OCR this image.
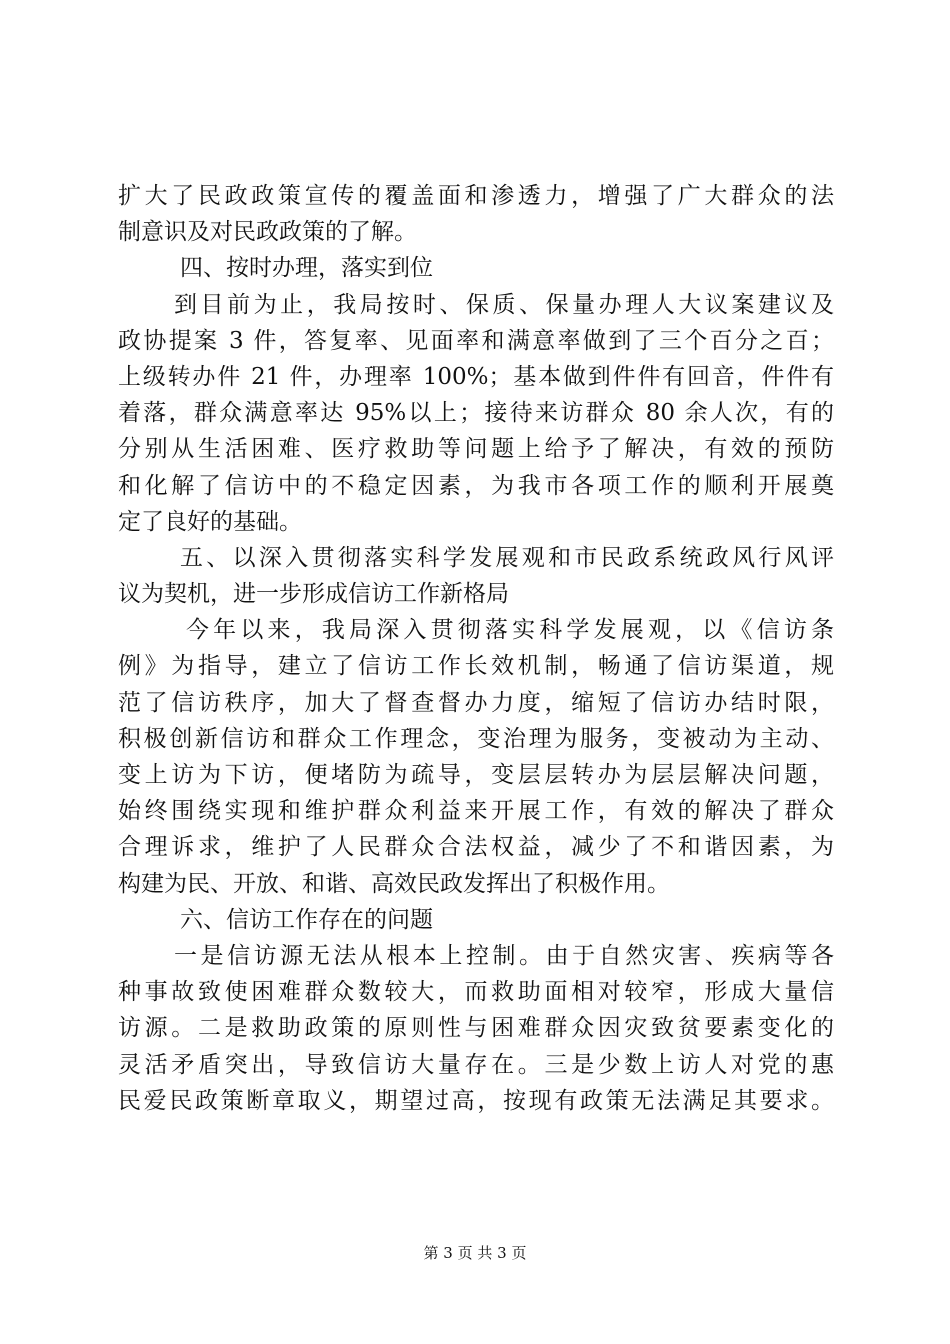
扩大了民政政策宣传的覆盖面和渗透力，增强了广大群众的法
制意识及对民政政策的了解。
四、按时办理，落实到位
到目前为止，我局按时、保质、保量办理人大议案建议及
政协提案 3 件，答复率、见面率和满意率做到了三个百分之百；
上级转办件 21 件，办理率 100%；基本做到件件有回音，件件有
着落，群众满意率达 95%以上；接待来访群众 80 余人次，有的
分别从生活困难、医疗救助等问题上给予了解决，有效的预防
和化解了信访中的不稳定因素，为我市各项工作的顺利开展奠
定了良好的基础。
五、以深入贯彻落实科学发展观和市民政系统政风行风评
议为契机，进一步形成信访工作新格局
今年以来，我局深入贯彻落实科学发展观，以《信访条
例》为指导，建立了信访工作长效机制，畅通了信访渠道，规
范了信访秩序，加大了督查督办力度，缩短了信访办结时限，
积极创新信访和群众工作理念，变治理为服务，变被动为主动、
变上访为下访，便堵防为疏导，变层层转办为层层解决问题，
始终围绕实现和维护群众利益来开展工作，有效的解决了群众
合理诉求，维护了人民群众合法权益，减少了不和谐因素，为
构建为民、开放、和谐、高效民政发挥出了积极作用。
六、信访工作存在的问题
一是信访源无法从根本上控制。由于自然灾害、疾病等各
种事故致使困难群众数较大，而救助面相对较窄，形成大量信
访源。二是救助政策的原则性与困难群众因灾致贫要素变化的
灵活矛盾突出，导致信访大量存在。三是少数上访人对党的惠
民爱民政策断章取义，期望过高，按现有政策无法满足其要求。
第 3 页 共 3 页
